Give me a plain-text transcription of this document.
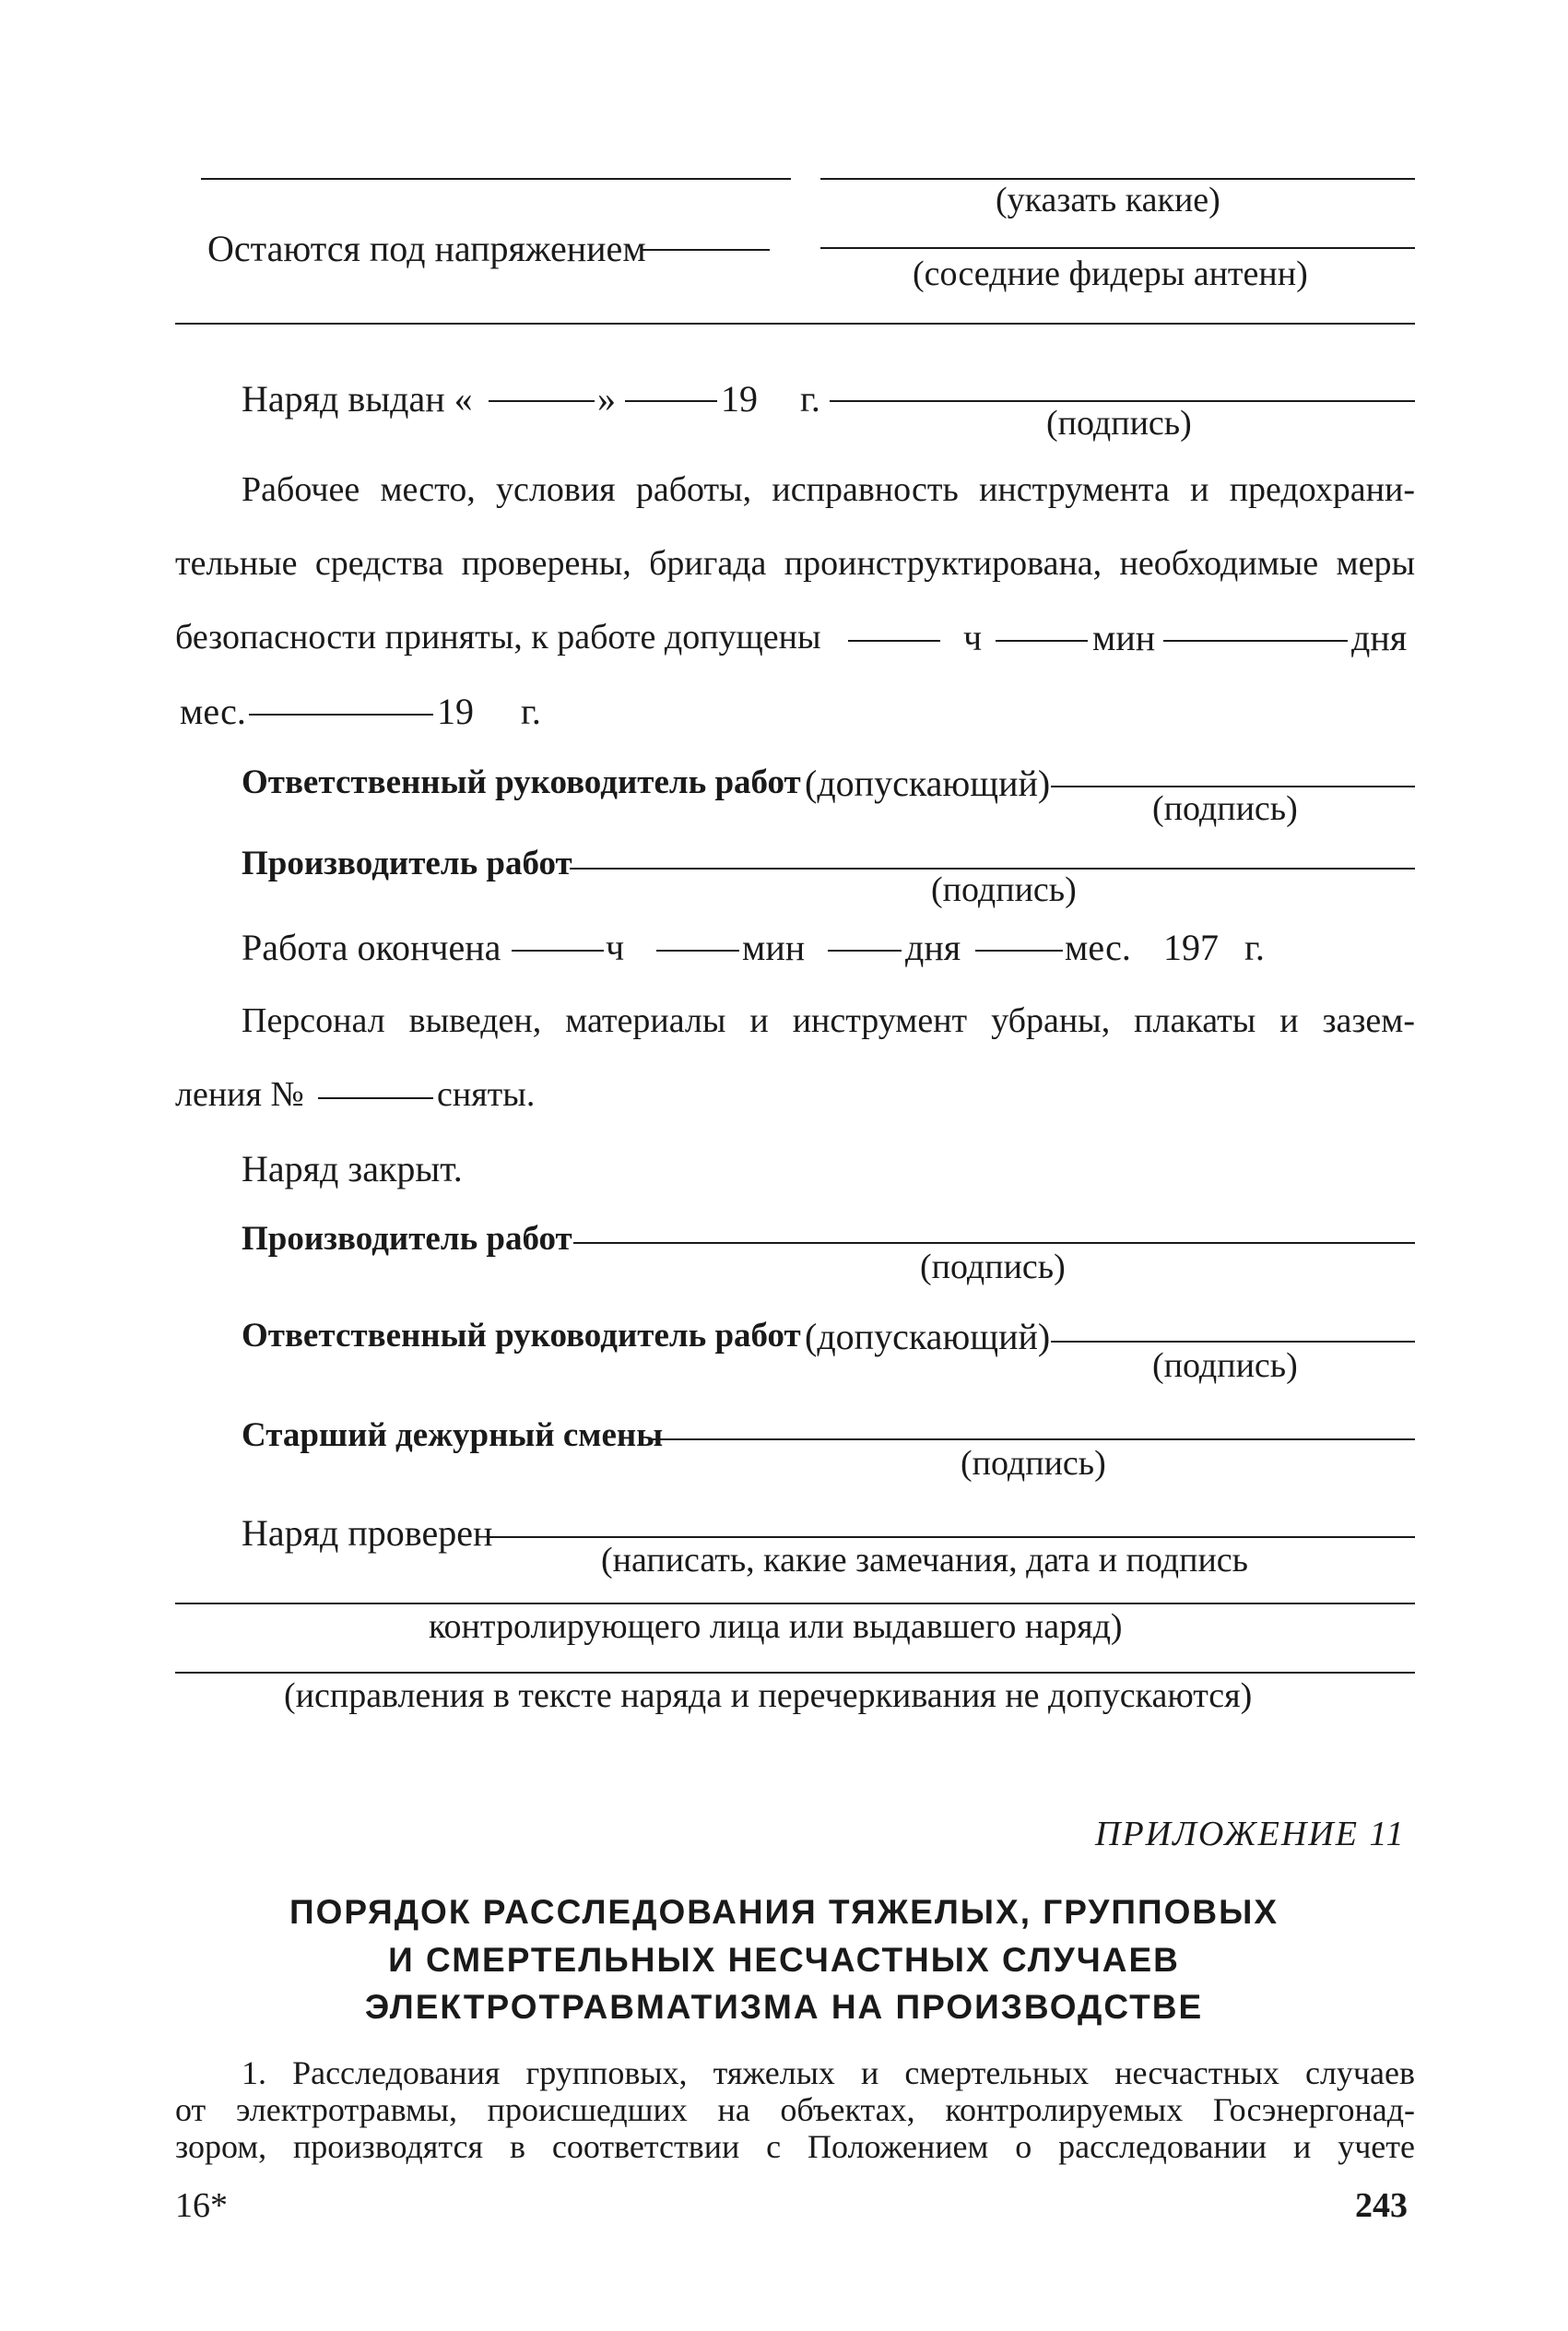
(указать какие)
Остаются под напряжением
(соседние фидеры антенн)
Наряд выдан «	»	19 г.
(подпись)
Рабочее место, условия работы, исправность инструмента и предохрани-
тельные средства проверены, бригада проинструктирована, необходимые меры
безопасности приняты, к работе допущены	ч	мин	дня
мес.	19 г.
Ответственный руководитель работ (допускающий)
(подпись)
Производитель работ
(подпись)
Работа окончена	ч	мин	дня	мес. 197 г.
Персонал выведен, материалы и инструмент убраны, плакаты и зазем-
ления №	сняты.
Наряд закрыт.
Производитель работ
(подпись)
Ответственный руководитель работ (допускающий)
(подпись)
Старший дежурный смены
(подпись)
Наряд проверен
(написать, какие замечания, дата и подпись
контролирующего лица или выдавшего наряд)
(исправления в тексте наряда и перечеркивания не допускаются)
ПРИЛОЖЕНИЕ 11
ПОРЯДОК РАССЛЕДОВАНИЯ ТЯЖЕЛЫХ, ГРУППОВЫХ
И СМЕРТЕЛЬНЫХ НЕСЧАСТНЫХ СЛУЧАЕВ
ЭЛЕКТРОТРАВМАТИЗМА НА ПРОИЗВОДСТВЕ
1. Расследования групповых, тяжелых и смертельных несчастных случаев
от электротравмы, происшедших на объектах, контролируемых Госэнергонад-
зором, производятся в соответствии с Положением о расследовании и учете
16*	243
